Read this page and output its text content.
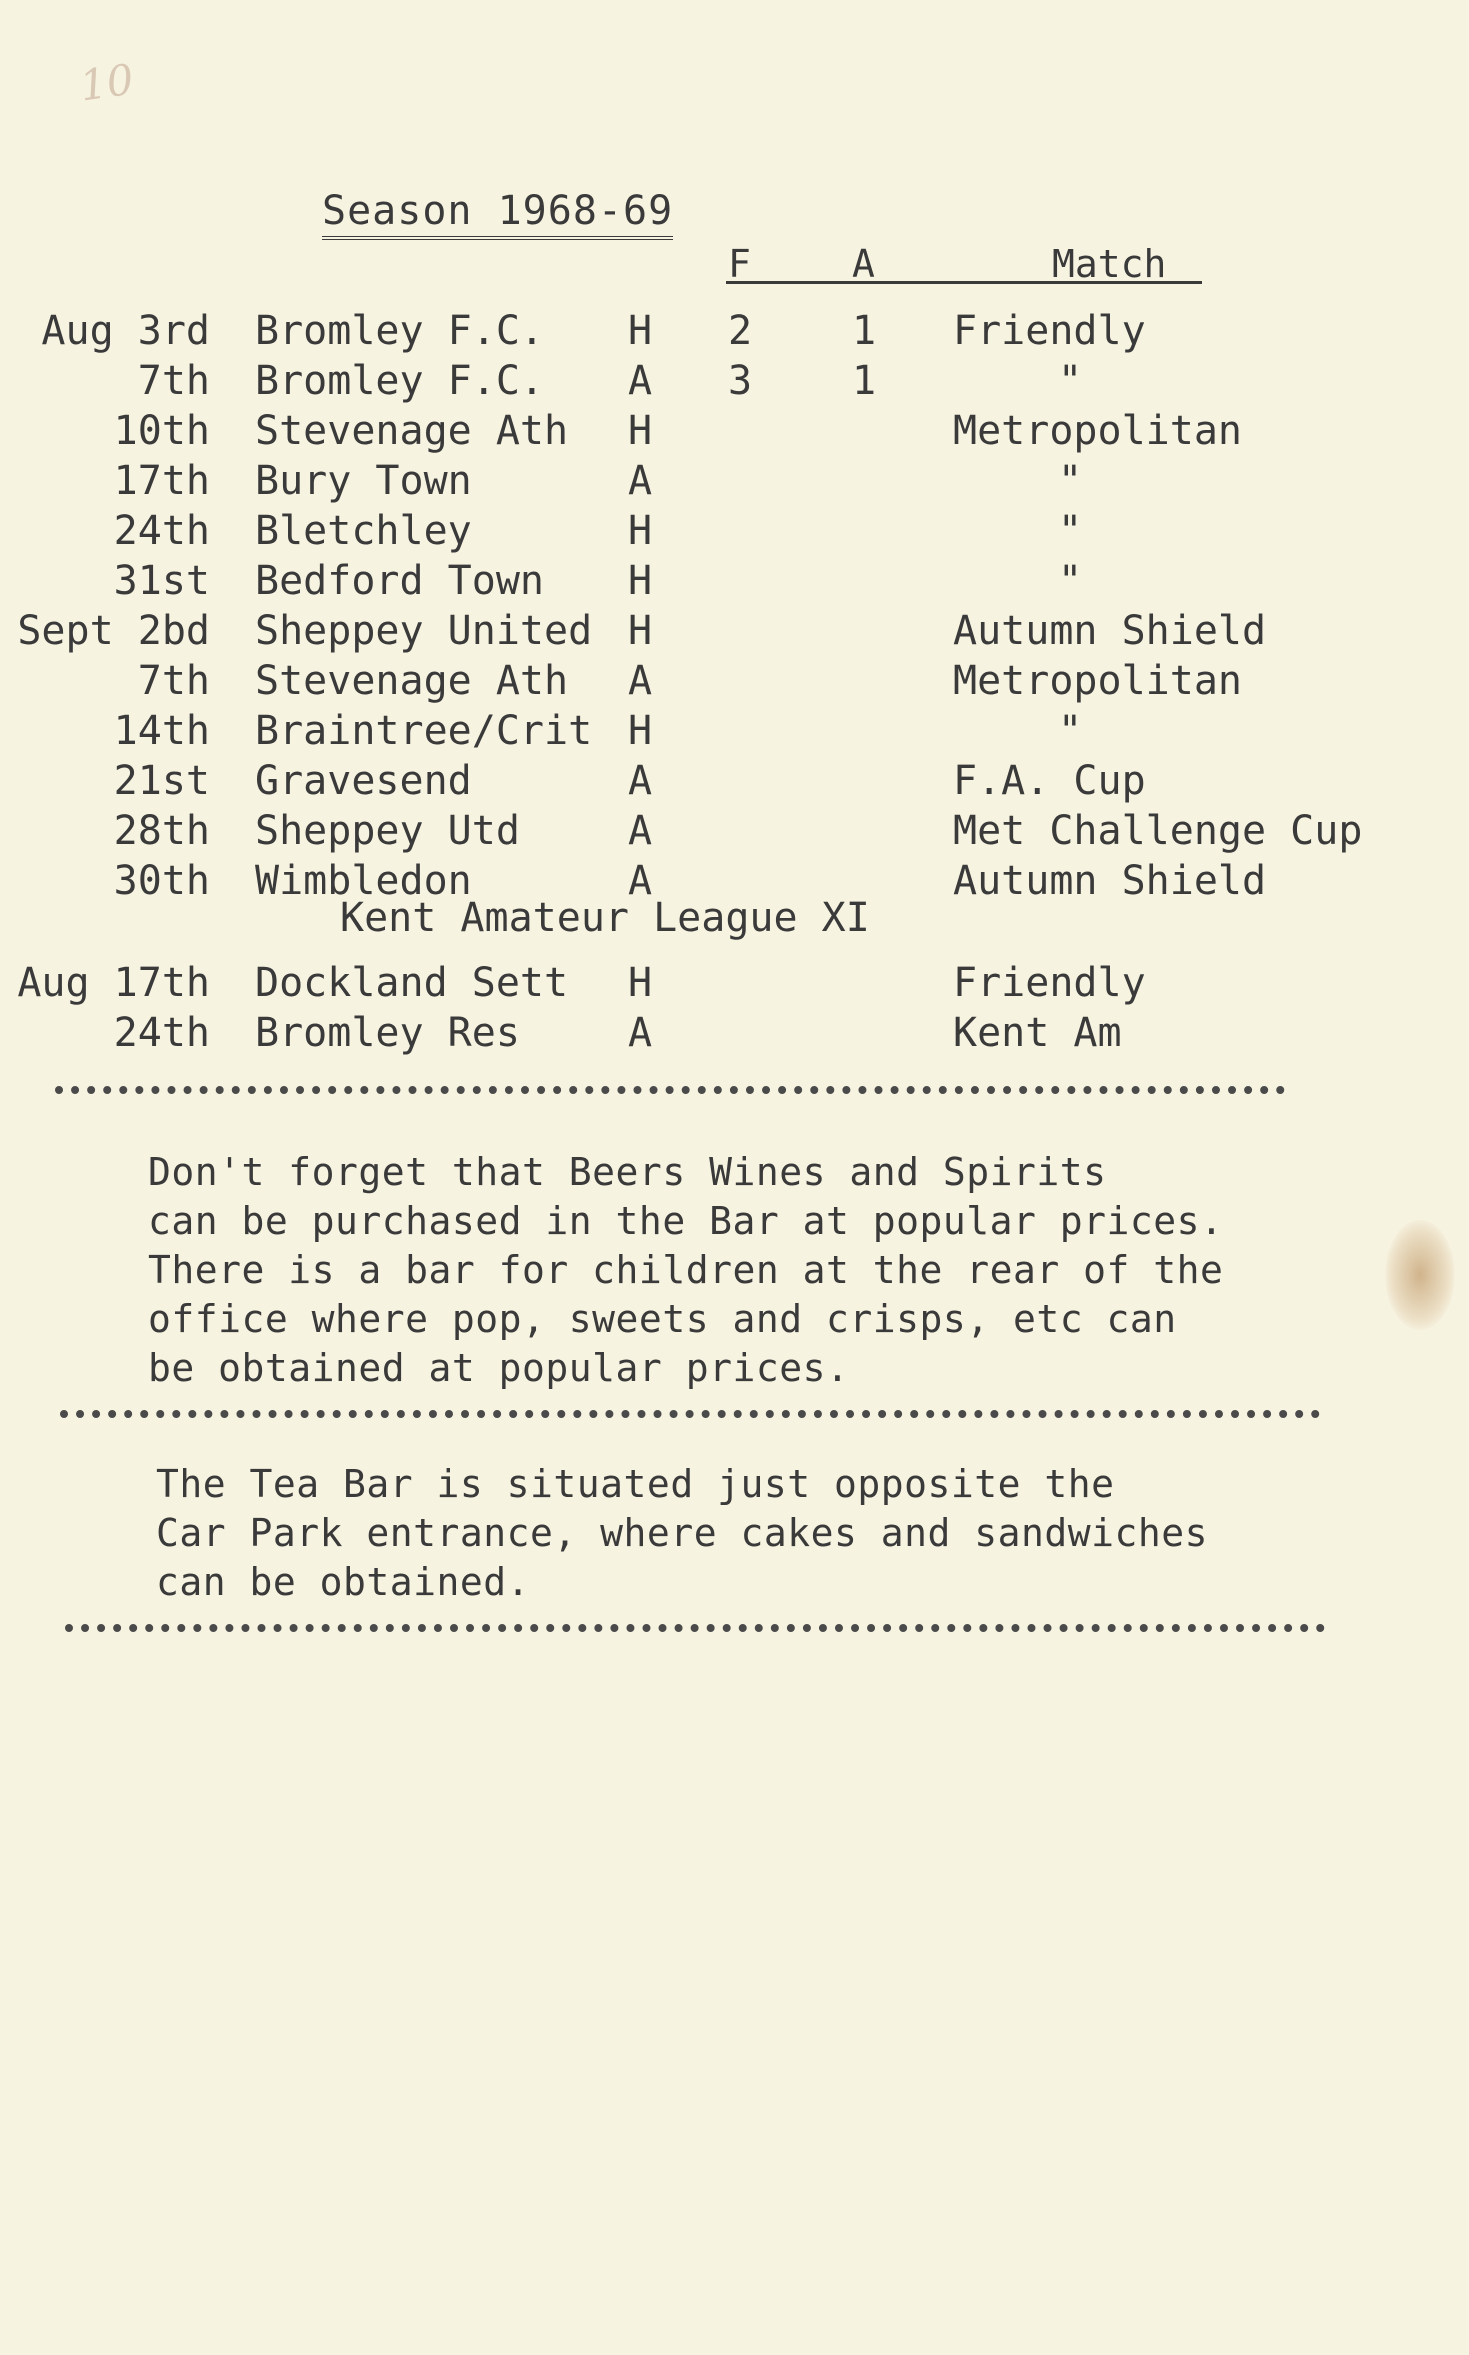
10
Season 1968-69
F	A	Match
Aug 3rd Bromley F.C. H 2 1 Friendly
7th Bromley F.C. A 3 1	"
10th Stevenage Ath H	Metropolitan
17th Bury Town	A	"
24th Bletchley	H	"
31st Bedford Town H	"
Sept 2bd Sheppey United H	Autumn Shield
7th Stevenage Ath A	Metropolitan
14th Braintree/Crit H	"
21st Gravesend	A	F.A. Cup
28th Sheppey Utd	A	Met Challenge Cup
30th Wimbledon	A	Autumn Shield
Kent Amateur League XI
Aug 17th Dockland Sett H	Friendly
24th Bromley Res	A	Kent Am
Don't forget that Beers Wines and Spirits
can be purchased in the Bar at popular prices.
There is a bar for children at the rear of the
office where pop, sweets and crisps, etc can
be obtained at popular prices.
The Tea Bar is situated just opposite the
Car Park entrance, where cakes and sandwiches
can be obtained.
